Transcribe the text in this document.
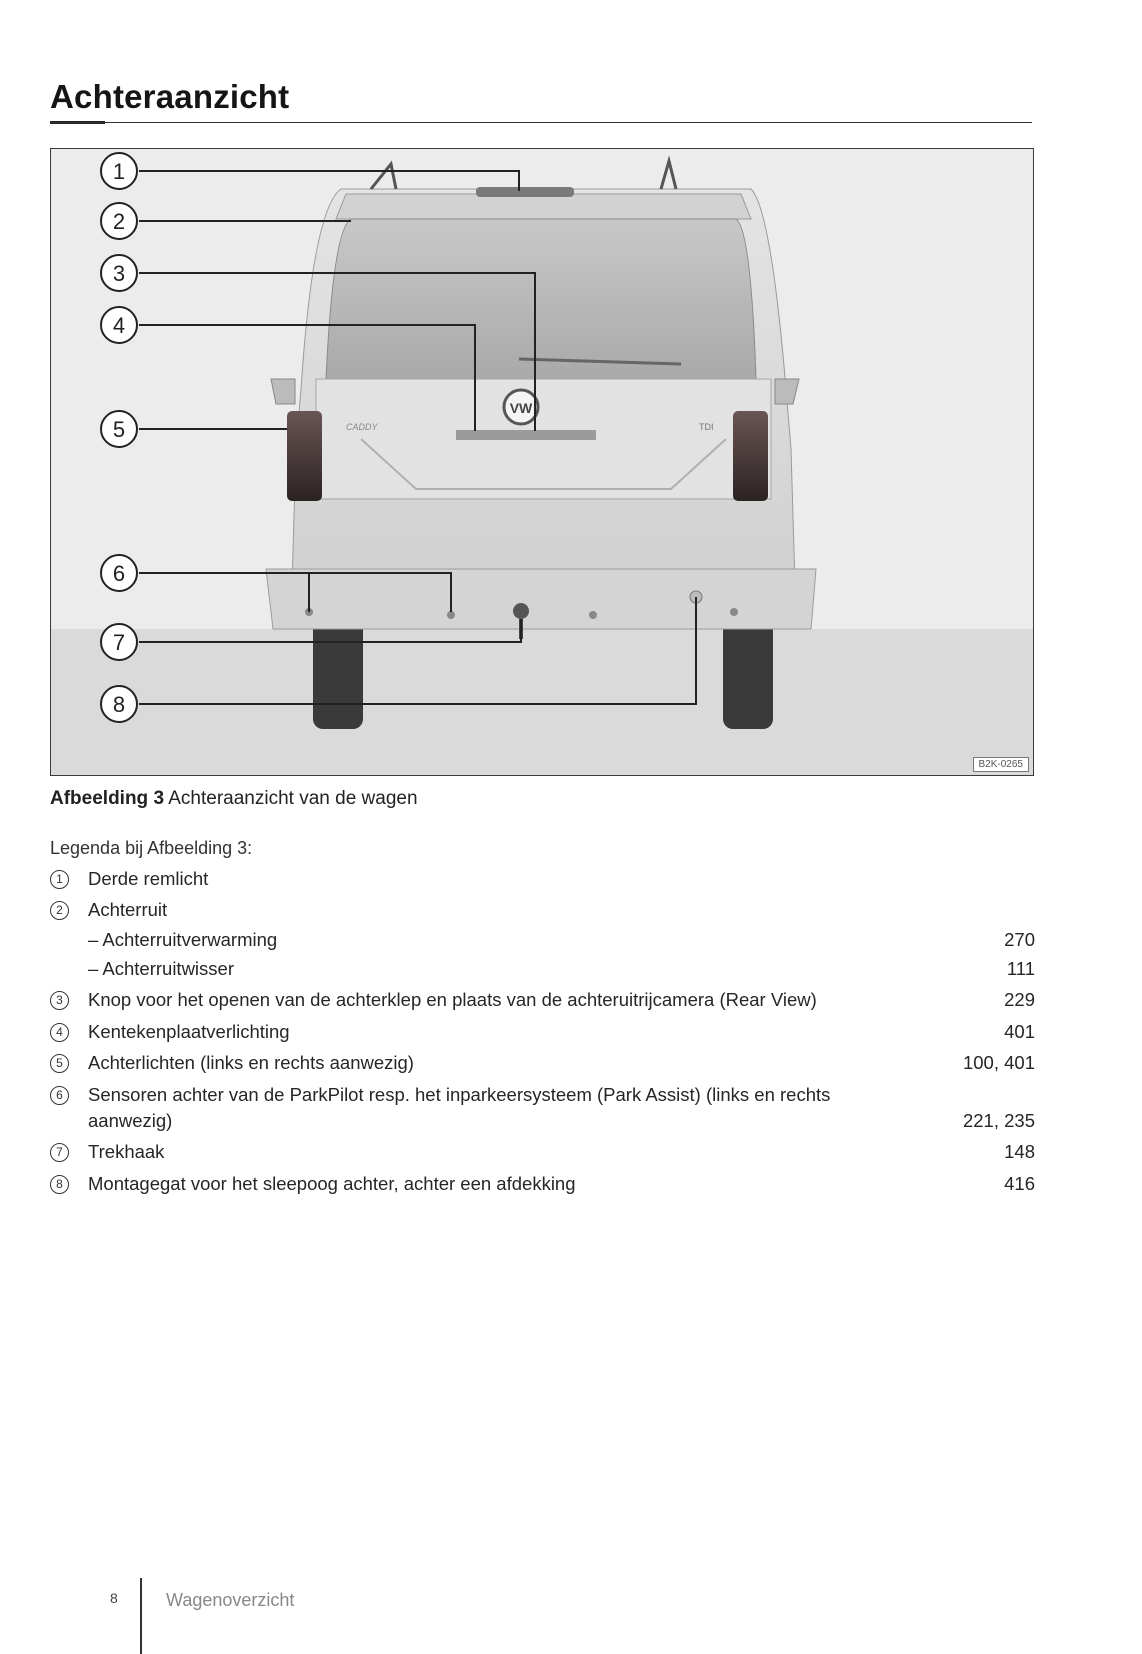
Achteraanzicht
VW
CADDY	TDI
1
2
3
4
5
6
7
8
B2K-0265
Afbeelding 3 Achteraanzicht van de wagen
Legenda bij Afbeelding 3:
1	Derde remlicht
2	Achterruit
– Achterruitverwarming	270
– Achterruitwisser	111
3	Knop voor het openen van de achterklep en plaats van de achteruitrijcamera (Rear View)	229
4	Kentekenplaatverlichting	401
5	Achterlichten (links en rechts aanwezig)	100, 401
6	Sensoren achter van de ParkPilot resp. het inparkeersysteem (Park Assist) (links en rechts
aanwezig)	221, 235
7	Trekhaak	148
8	Montagegat voor het sleepoog achter, achter een afdekking	416
8	Wagenoverzicht
